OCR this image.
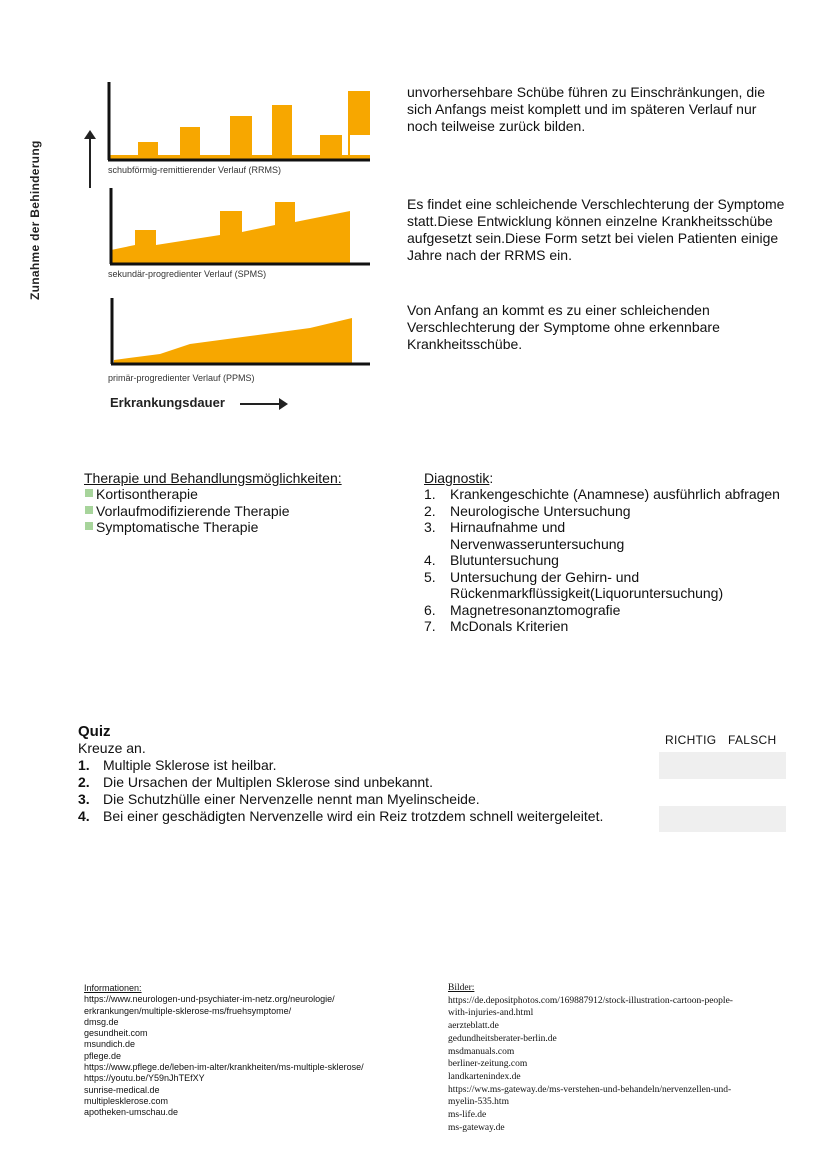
Zunahme der Behinderung	schubförmig-remittierender Verlauf (RRMS)
sekundär-progredienter Verlauf (SPMS)
primär-progredienter Verlauf (PPMS)
Erkrankungsdauer
unvorhersehbare Schübe führen zu Einschränkungen, die sich Anfangs meist komplett und im späteren Verlauf nur noch teilweise zurück bilden.
Es findet eine schleichende Verschlechterung der Symptome statt.Diese Entwicklung können einzelne Krankheitsschübe aufgesetzt sein.Diese Form setzt bei vielen Patienten einige Jahre nach der RRMS ein.
Von Anfang an kommt es zu einer schleichenden Verschlechterung der Symptome ohne erkennbare Krankheitsschübe.
Therapie und Behandlungsmöglichkeiten:
Kortisontherapie
Vorlaufmodifizierende Therapie
Symptomatische Therapie
Diagnostik:
1.	Krankengeschichte (Anamnese) ausführlich abfragen
2.	Neurologische Untersuchung
3.	Hirnaufnahme und Nervenwasseruntersuchung
4.	Blutuntersuchung
5.	Untersuchung der Gehirn- und Rückenmarkflüssigkeit(Liquoruntersuchung)
6.	Magnetresonanztomografie
7.	McDonals Kriterien
Quiz
Kreuze an.
1. Multiple Sklerose ist heilbar.
2. Die Ursachen der Multiplen Sklerose sind unbekannt.
3. Die Schutzhülle einer Nervenzelle nennt man Myelinscheide.
4. Bei einer geschädigten Nervenzelle wird ein Reiz trotzdem schnell weitergeleitet.
RICHTIG FALSCH
Informationen:
https://www.neurologen-und-psychiater-im-netz.org/neurologie/
erkrankungen/multiple-sklerose-ms/fruehsymptome/
dmsg.de
gesundheit.com
msundich.de
pflege.de
https://www.pflege.de/leben-im-alter/krankheiten/ms-multiple-sklerose/
https://youtu.be/Y59nJhTEfXY
sunrise-medical.de
multiplesklerose.com
apotheken-umschau.de
Bilder:
https://de.depositphotos.com/169887912/stock-illustration-cartoon-people-
with-injuries-and.html
aerzteblatt.de
gedundheitsberater-berlin.de
msdmanuals.com
berliner-zeitung.com
landkartenindex.de
https://ww.ms-gateway.de/ms-verstehen-und-behandeln/nervenzellen-und-
myelin-535.htm
ms-life.de
ms-gateway.de
